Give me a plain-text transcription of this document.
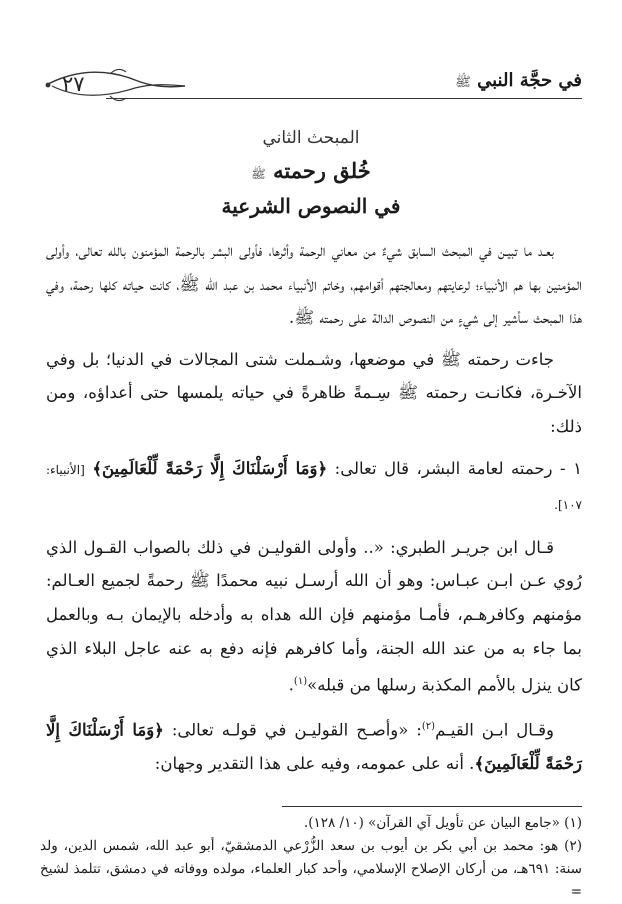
٢٧	في حجَّة النبي ﷺ
المبحث الثاني
خُلق رحمته ﷺ
في النصوص الشرعية

بعـد ما تبيـن في المبحث السابق شيءٌ من معاني الرحمة وأثرها، فأولى البشر بالرحمة المؤمنون بالله تعالى، وأولى المؤمنين بها هم الأنبياء؛ لرعايتهم ومعالجتهم أقوامهم، وخاتم الأنبياء محمد بن عبد الله ﷺ، كانت حياته كلها رحمة، وفي هذا المبحث سأشير إلى شيءٍ من النصوص الدالة على رحمته ﷺ.

جاءت رحمته ﷺ في موضعها، وشـملت شتى المجالات في الدنيا؛ بل وفي الآخـرة، فكانـت رحمته ﷺ سِـمةً ظاهرةً في حياته يلمسها حتى أعداؤه، ومن ذلك:

١ - رحمته لعامة البشر، قال تعالى: ﴿وَمَا أَرْسَلْنَاكَ إِلَّا رَحْمَةً لِّلْعَالَمِينَ﴾ [الأنبياء: ١٠٧].

قـال ابن جريـر الطبري: «.. وأولى القوليـن في ذلك بالصواب القـول الذي رُوي عـن ابـن عبـاس: وهو أن الله أرسـل نبيه محمدًا ﷺ رحمةً لجميع العـالم: مؤمنهم وكافرهـم، فأمـا مؤمنهم فإن الله هداه به وأدخله بالإيمان بـه وبالعمل بما جاء به من عند الله الجنة، وأما كافرهم فإنه دفع به عنه عاجل البلاء الذي كان ينزل بالأمم المكذبة رسلها من قبله»$^{(١)}$.

وقـال ابـن القيـم$^{(٢)}$: «وأصـح القوليـن في قولـه تعالى: ﴿وَمَا أَرْسَلْنَاكَ إِلَّا رَحْمَةً لِّلْعَالَمِينَ﴾. أنه على عمومه، وفيه على هذا التقدير وجهان:

(١) «جامع البيان عن تأويل آي القرآن» (١٠/ ١٢٨).

(٢) هو: محمد بن أبي بكر بن أيوب بن سعد الزُّرْعي الدمشقيّ، أبو عبد الله، شمس الدين، ولد سنة: ٦٩١هـ، من أركان الإصلاح الإسلامي، وأحد كبار العلماء، مولده ووفاته في دمشق، تتلمذ لشيخ =
